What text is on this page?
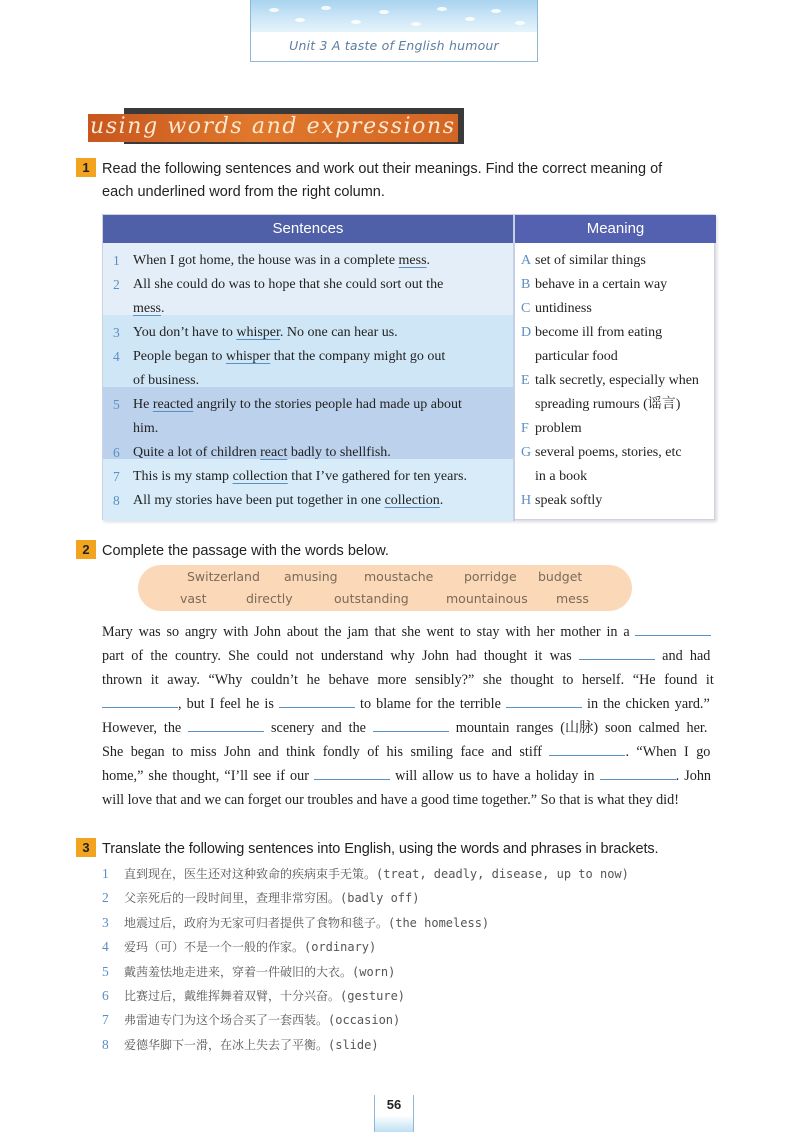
Unit 3 A taste of English humour
using words and expressions
1 Read the following sentences and work out their meanings. Find the correct meaning of
each underlined word from the right column.
Sentences	Meaning
1 When I got home, the house was in a complete mess.
2 All she could do was to hope that she could sort out the
mess.
3 You don’t have to whisper. No one can hear us.
4 People began to whisper that the company might go out
of business.
5 He reacted angrily to the stories people had made up about
him.
6 Quite a lot of children react badly to shellfish.
7 This is my stamp collection that I’ve gathered for ten years.
8 All my stories have been put together in one collection.
A set of similar things
B behave in a certain way
C untidiness
D become ill from eating
particular food
E talk secretly, especially when
spreading rumours (谣言)
F problem
G several poems, stories, etc
in a book
H speak softly
2 Complete the passage with the words below.
Switzerland amusing moustache porridge budget
vast	directly	outstanding	mountainous mess
Mary was so angry with John about the jam that she went to stay with her mother in a
part of the country. She could not understand why John had thought it was	and had
thrown it away. “Why couldn’t he behave more sensibly?” she thought to herself. “He found it
, but I feel he is	to blame for the terrible	in the chicken yard.”
However, the	scenery and the	mountain ranges (山脉) soon calmed her.
She began to miss John and think fondly of his smiling face and stiff	. “When I go
home,” she thought, “I’ll see if our	will allow us to have a holiday in	. John
will love that and we can forget our troubles and have a good time together.” So that is what they did!
3 Translate the following sentences into English, using the words and phrases in brackets.
1 直到现在，医生还对这种致命的疾病束手无策。(treat, deadly, disease, up to now)
2 父亲死后的一段时间里，查理非常穷困。(badly off)
3 地震过后，政府为无家可归者提供了食物和毯子。(the homeless)
4 爱玛（可）不是一个一般的作家。(ordinary)
5 戴茜羞怯地走进来，穿着一件破旧的大衣。(worn)
6 比赛过后，戴维挥舞着双臂，十分兴奋。(gesture)
7 弗雷迪专门为这个场合买了一套西装。(occasion)
8 爱德华脚下一滑，在冰上失去了平衡。(slide)
56
